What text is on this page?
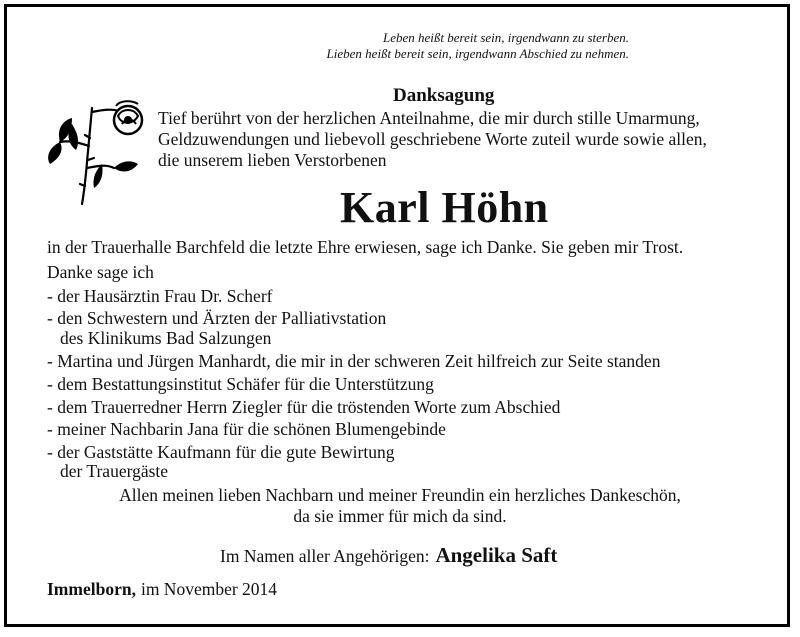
Leben heißt bereit sein, irgendwann zu sterben.
Lieben heißt bereit sein, irgendwann Abschied zu nehmen.
Danksagung
Tief berührt von der herzlichen Anteilnahme, die mir durch stille Umarmung,
Geldzuwendungen und liebevoll geschriebene Worte zuteil wurde sowie allen,
die unserem lieben Verstorbenen
Karl Höhn
in der Trauerhalle Barchfeld die letzte Ehre erwiesen, sage ich Danke. Sie geben mir Trost.
Danke sage ich
- der Hausärztin Frau Dr. Scherf
- den Schwestern und Ärzten der Palliativstation
des Klinikums Bad Salzungen
- Martina und Jürgen Manhardt, die mir in der schweren Zeit hilfreich zur Seite standen
- dem Bestattungsinstitut Schäfer für die Unterstützung
- dem Trauerredner Herrn Ziegler für die tröstenden Worte zum Abschied
- meiner Nachbarin Jana für die schönen Blumengebinde
- der Gaststätte Kaufmann für die gute Bewirtung
der Trauergäste
Allen meinen lieben Nachbarn und meiner Freundin ein herzliches Dankeschön,
da sie immer für mich da sind.
Im Namen aller Angehörigen: Angelika Saft
Immelborn, im November 2014
